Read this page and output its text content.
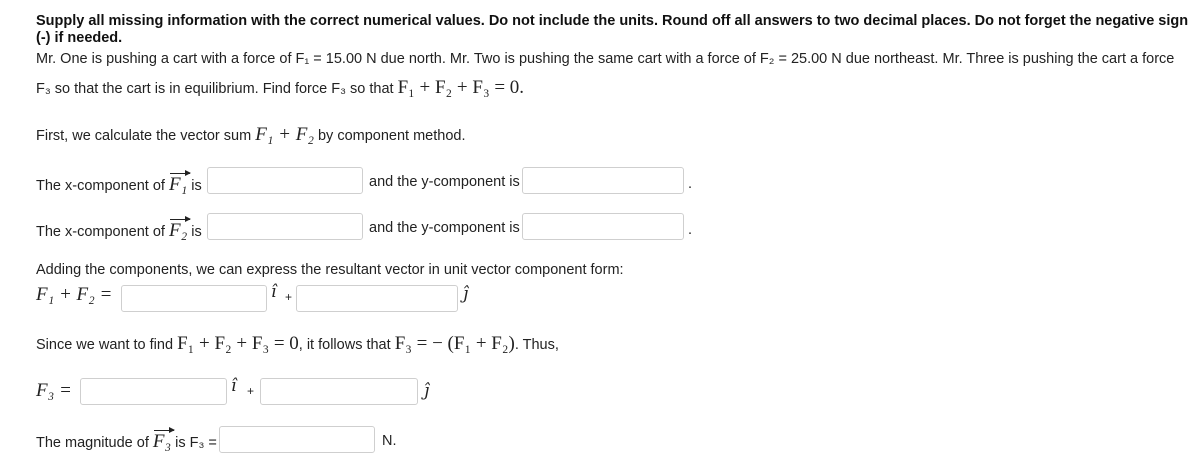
Supply all missing information with the correct numerical values. Do not include the units. Round off all answers to two decimal places. Do not forget the negative sign
(-) if needed.
Mr. One is pushing a cart with a force of F₁ = 15.00 N due north. Mr. Two is pushing the same cart with a force of F₂ = 25.00 N due northeast. Mr. Three is pushing the cart a force
F₃ so that the cart is in equilibrium. Find force F₃ so that F₁ + F₂ + F₃ = 0.
First, we calculate the vector sum F₁ + F₂ by component method.
The x-component of F₁ is	and the y-component is	.
The x-component of F₂ is	and the y-component is	.
Adding the components, we can express the resultant vector in unit vector component form:
F₁ + F₂ =	î +	ĵ
Since we want to find F₁ + F₂ + F₃ = 0, it follows that F₃ = − (F₁ + F₂). Thus,
F₃ =	î +	ĵ
The magnitude of F₃ is F₃ =	N.
